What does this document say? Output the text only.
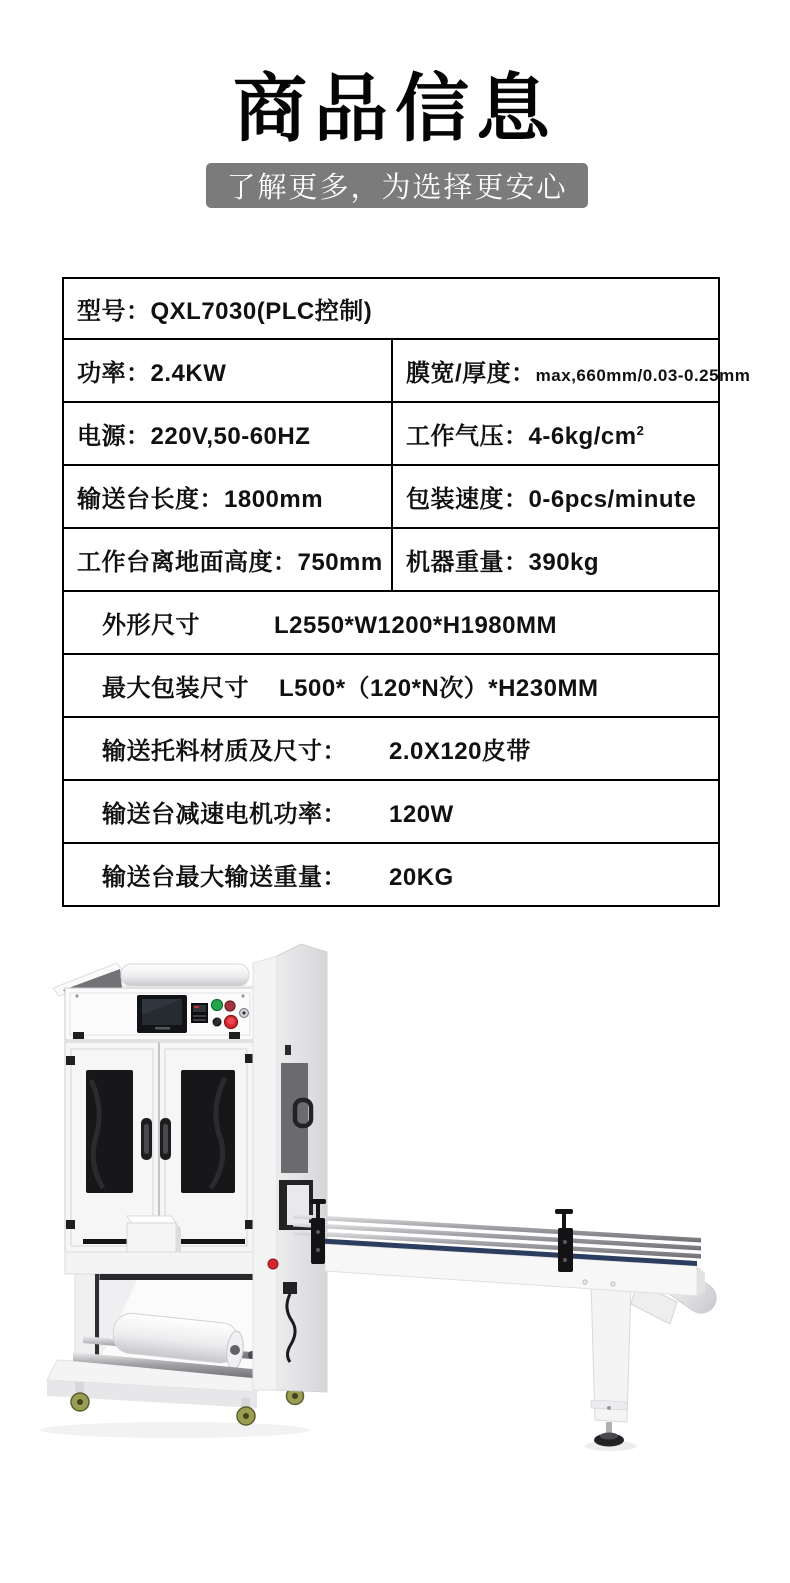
商品信息
了解更多，为选择更安心
型号：QXL7030(PLC控制)	
功率：2.4KW	膜宽/厚度：max,660mm/0.03-0.25mm
电源：220V,50-60HZ	工作气压：$4-6kg/cm^2$
输送台长度：1800mm	包装速度：0-6pcs/minute
工作台离地面高度：750mm	机器重量：390kg
外形尺寸 L2550*W1200*H1980MM	
最大包装尺寸 L500*（120*N次）*H230MM	
输送托料材质及尺寸： 2.0X120皮带	
输送台减速电机功率： 120W	
输送台最大输送重量： 20KG	
